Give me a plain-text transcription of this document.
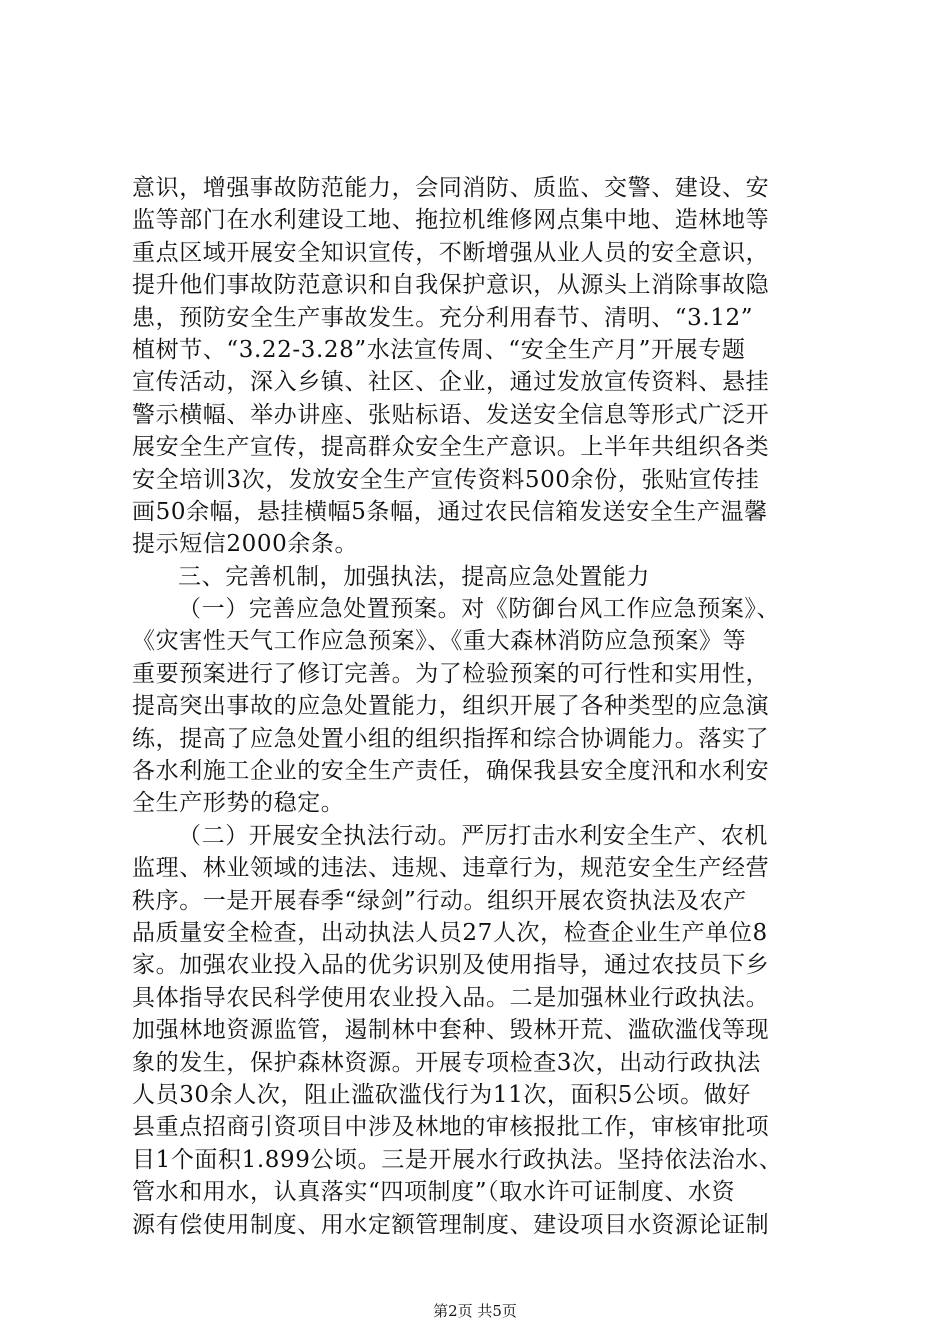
意识，增强事故防范能力，会同消防、质监、交警、建设、安
监等部门在水利建设工地、拖拉机维修网点集中地、造林地等
重点区域开展安全知识宣传，不断增强从业人员的安全意识，
提升他们事故防范意识和自我保护意识，从源头上消除事故隐
患，预防安全生产事故发生。充分利用春节、清明、“3.12”
植树节、“3.22-3.28”水法宣传周、“安全生产月”开展专题
宣传活动，深入乡镇、社区、企业，通过发放宣传资料、悬挂
警示横幅、举办讲座、张贴标语、发送安全信息等形式广泛开
展安全生产宣传，提高群众安全生产意识。上半年共组织各类
安全培训3次，发放安全生产宣传资料500余份，张贴宣传挂
画50余幅，悬挂横幅5条幅，通过农民信箱发送安全生产温馨
提示短信2000余条。
三、完善机制，加强执法，提高应急处置能力
（一）完善应急处置预案。对《防御台风工作应急预案》、
《灾害性天气工作应急预案》、《重大森林消防应急预案》等
重要预案进行了修订完善。为了检验预案的可行性和实用性，
提高突出事故的应急处置能力，组织开展了各种类型的应急演
练，提高了应急处置小组的组织指挥和综合协调能力。落实了
各水利施工企业的安全生产责任，确保我县安全度汛和水利安
全生产形势的稳定。
（二）开展安全执法行动。严厉打击水利安全生产、农机
监理、林业领域的违法、违规、违章行为，规范安全生产经营
秩序。一是开展春季“绿剑”行动。组织开展农资执法及农产
品质量安全检查，出动执法人员27人次，检查企业生产单位8
家。加强农业投入品的优劣识别及使用指导，通过农技员下乡
具体指导农民科学使用农业投入品。二是加强林业行政执法。
加强林地资源监管，遏制林中套种、毁林开荒、滥砍滥伐等现
象的发生，保护森林资源。开展专项检查3次，出动行政执法
人员30余人次，阻止滥砍滥伐行为11次，面积5公顷。做好
县重点招商引资项目中涉及林地的审核报批工作，审核审批项
目1个面积1.899公顷。三是开展水行政执法。坚持依法治水、
管水和用水，认真落实“四项制度”（取水许可证制度、水资
源有偿使用制度、用水定额管理制度、建设项目水资源论证制
第2页 共5页
